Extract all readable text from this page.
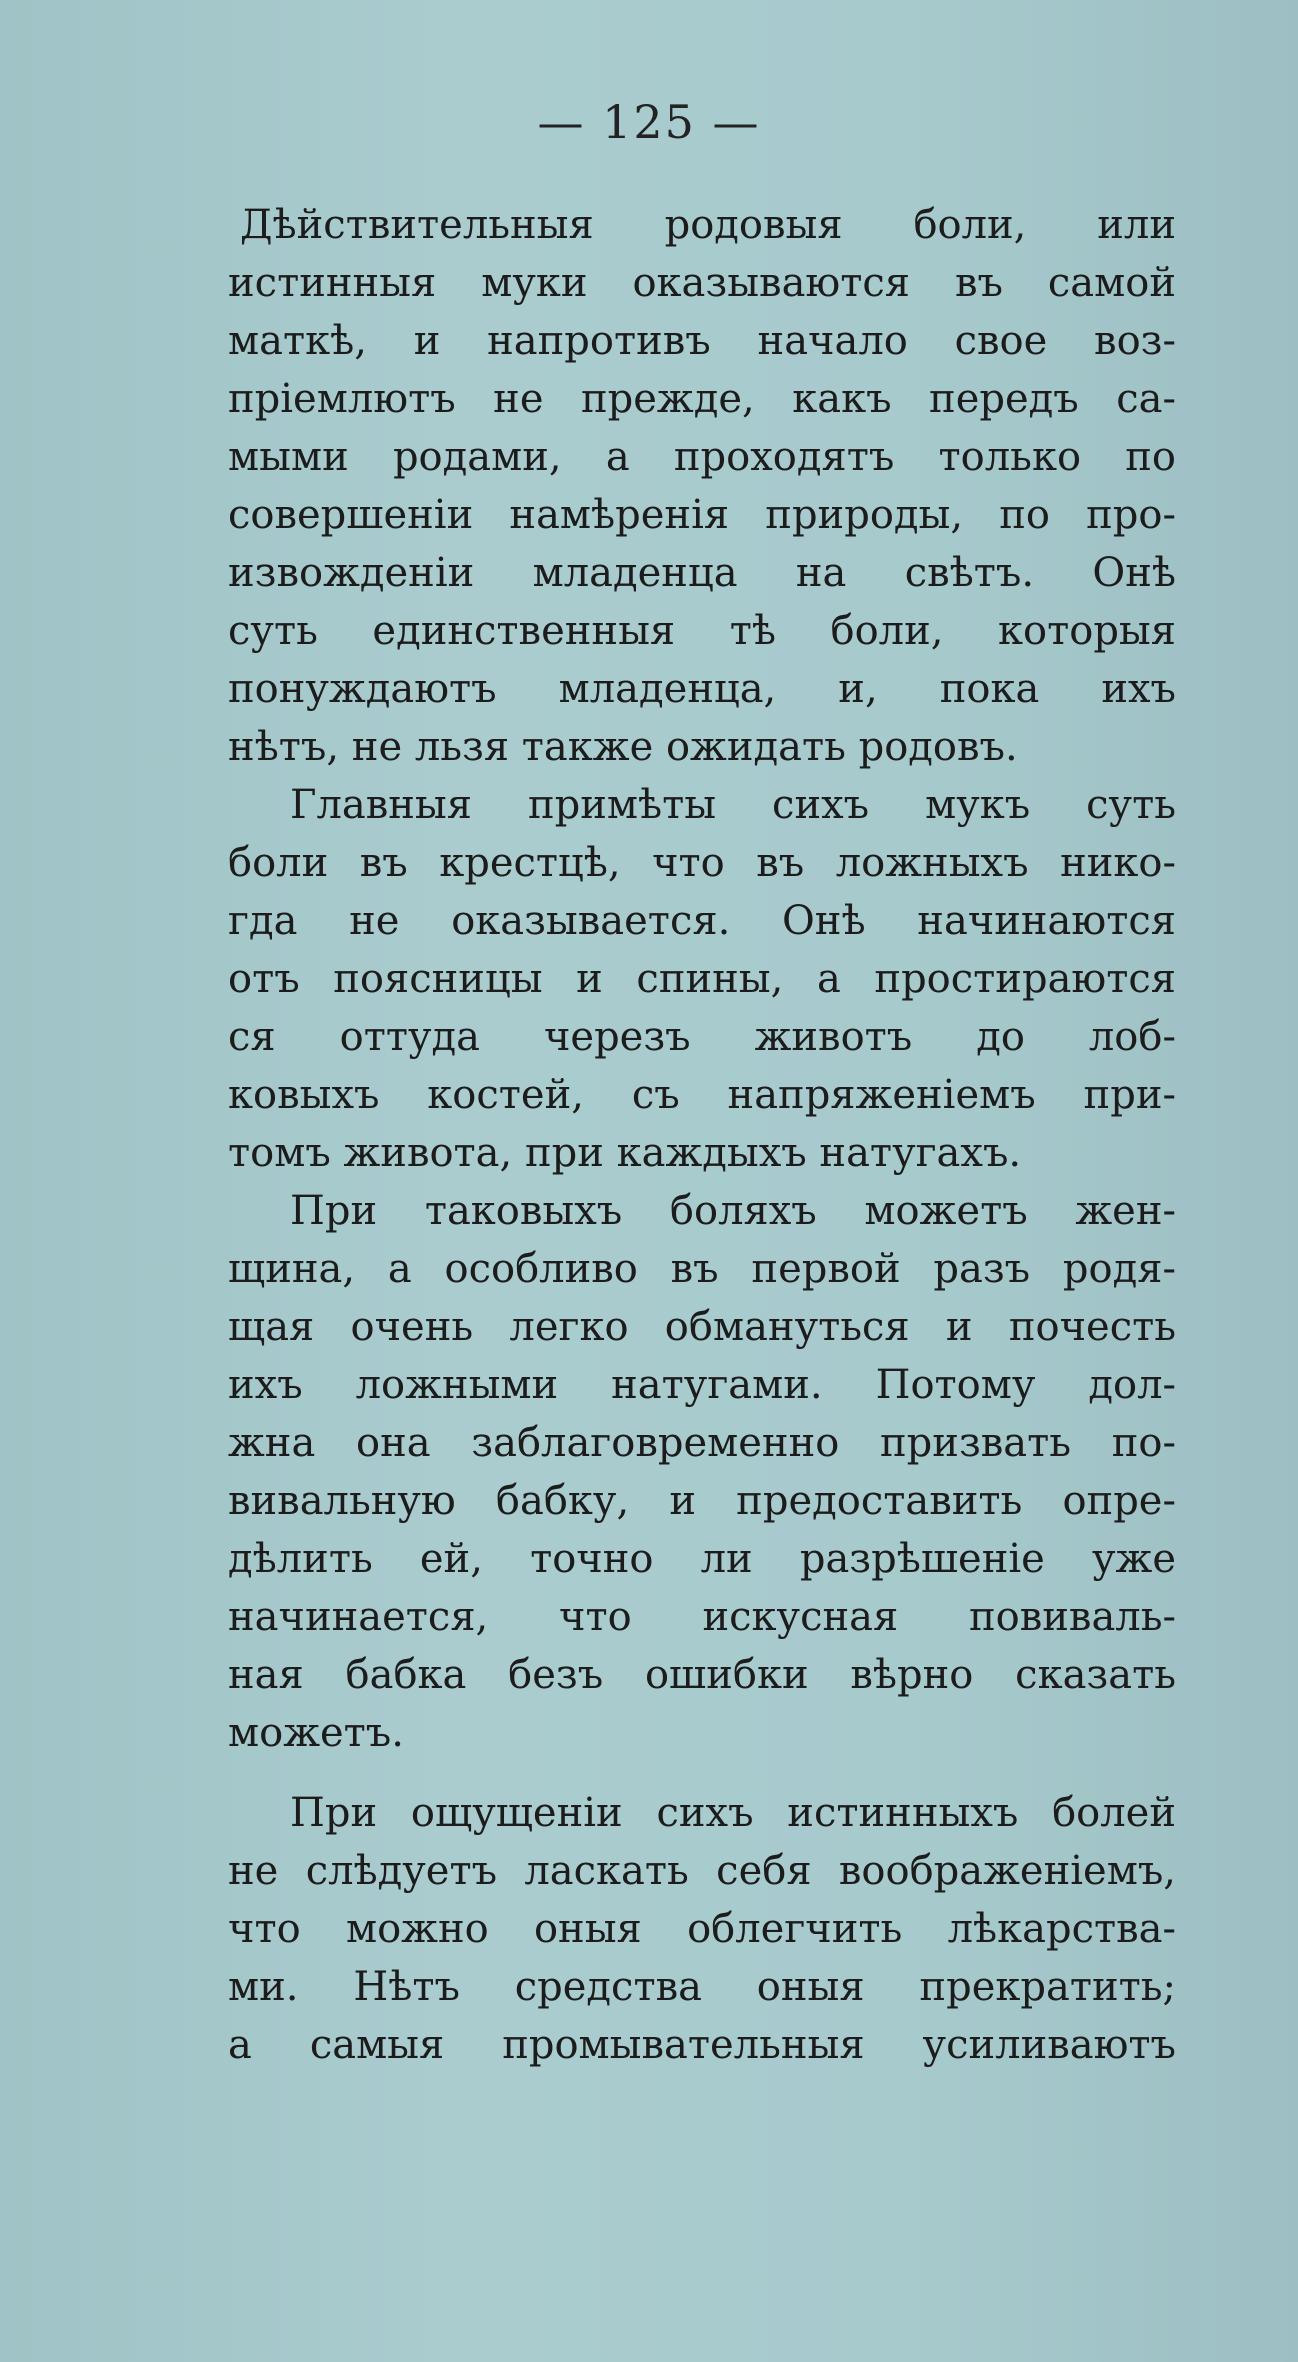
— 125 —
Дѣйствительныя родовыя боли, или
истинныя муки оказываются въ самой
маткѣ, и напротивъ начало свое воз-
пріемлютъ не прежде, какъ передъ са-
мыми родами, а проходятъ только по
совершеніи намѣренія природы, по про-
извожденіи младенца на свѣтъ. Онѣ
суть единственныя тѣ боли, которыя
понуждаютъ младенца, и, пока ихъ
нѣтъ, не льзя также ожидать родовъ.
Главныя примѣты сихъ мукъ суть
боли въ крестцѣ, что въ ложныхъ нико-
гда не оказывается. Онѣ начинаются
отъ поясницы и спины, а простираются
ся оттуда черезъ животъ до лоб-
ковыхъ костей, съ напряженіемъ при-
томъ живота, при каждыхъ натугахъ.
При таковыхъ боляхъ можетъ жен-
щина, а особливо въ первой разъ родя-
щая очень легко обмануться и почесть
ихъ ложными натугами. Потому дол-
жна она заблаговременно призвать по-
вивальную бабку, и предоставить опре-
дѣлить ей, точно ли разрѣшеніе уже
начинается, что искусная повиваль-
ная бабка безъ ошибки вѣрно сказать
можетъ.
При ощущеніи сихъ истинныхъ болей
не слѣдуетъ ласкать себя воображеніемъ,
что можно оныя облегчить лѣкарства-
ми. Нѣтъ средства оныя прекратить;
а самыя промывательныя усиливаютъ
